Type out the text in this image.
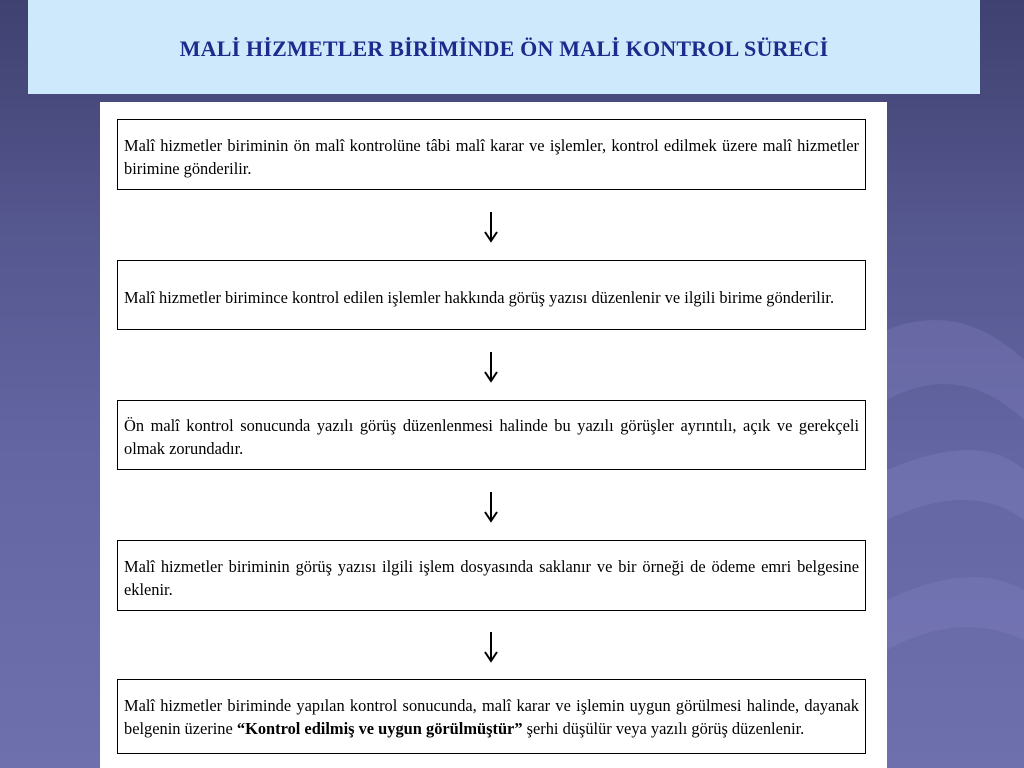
MALİ HİZMETLER BİRİMİNDE ÖN MALİ KONTROL SÜRECİ
Malî hizmetler biriminin ön malî kontrolüne tâbi malî karar ve işlemler, kontrol edilmek üzere malî hizmetler birimine gönderilir.
Malî hizmetler birimince kontrol edilen işlemler hakkında görüş yazısı düzenlenir ve ilgili birime gönderilir.
Ön malî kontrol sonucunda yazılı görüş düzenlenmesi halinde bu yazılı görüşler ayrıntılı, açık ve gerekçeli olmak zorundadır.
Malî hizmetler biriminin görüş yazısı ilgili işlem dosyasında saklanır ve bir örneği de ödeme emri belgesine eklenir.
Malî hizmetler biriminde yapılan kontrol sonucunda, malî karar ve işlemin uygun görülmesi halinde, dayanak belgenin üzerine “Kontrol edilmiş ve uygun görülmüştür” şerhi düşülür veya yazılı görüş düzenlenir.
